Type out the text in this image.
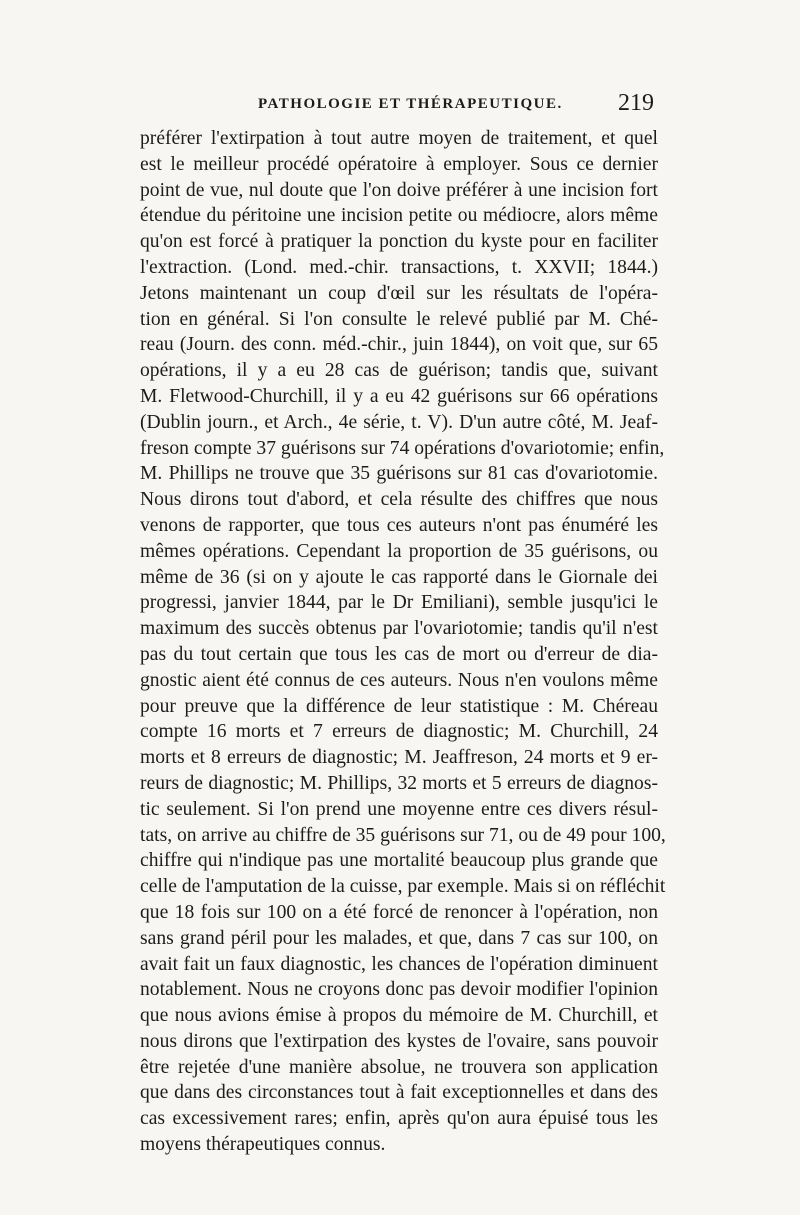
PATHOLOGIE ET THÉRAPEUTIQUE. 219
préférer l'extirpation à tout autre moyen de traitement, et quel
est le meilleur procédé opératoire à employer. Sous ce dernier
point de vue, nul doute que l'on doive préférer à une incision fort
étendue du péritoine une incision petite ou médiocre, alors même
qu'on est forcé à pratiquer la ponction du kyste pour en faciliter
l'extraction. (Lond. med.-chir. transactions, t. XXVII; 1844.)
Jetons maintenant un coup d'œil sur les résultats de l'opéra-
tion en général. Si l'on consulte le relevé publié par M. Ché-
reau (Journ. des conn. méd.-chir., juin 1844), on voit que, sur 65
opérations, il y a eu 28 cas de guérison; tandis que, suivant
M. Fletwood-Churchill, il y a eu 42 guérisons sur 66 opérations
(Dublin journ., et Arch., 4e série, t. V). D'un autre côté, M. Jeaf-
freson compte 37 guérisons sur 74 opérations d'ovariotomie; enfin,
M. Phillips ne trouve que 35 guérisons sur 81 cas d'ovariotomie.
Nous dirons tout d'abord, et cela résulte des chiffres que nous
venons de rapporter, que tous ces auteurs n'ont pas énuméré les
mêmes opérations. Cependant la proportion de 35 guérisons, ou
même de 36 (si on y ajoute le cas rapporté dans le Giornale dei
progressi, janvier 1844, par le Dr Emiliani), semble jusqu'ici le
maximum des succès obtenus par l'ovariotomie; tandis qu'il n'est
pas du tout certain que tous les cas de mort ou d'erreur de dia-
gnostic aient été connus de ces auteurs. Nous n'en voulons même
pour preuve que la différence de leur statistique : M. Chéreau
compte 16 morts et 7 erreurs de diagnostic; M. Churchill, 24
morts et 8 erreurs de diagnostic; M. Jeaffreson, 24 morts et 9 er-
reurs de diagnostic; M. Phillips, 32 morts et 5 erreurs de diagnos-
tic seulement. Si l'on prend une moyenne entre ces divers résul-
tats, on arrive au chiffre de 35 guérisons sur 71, ou de 49 pour 100,
chiffre qui n'indique pas une mortalité beaucoup plus grande que
celle de l'amputation de la cuisse, par exemple. Mais si on réfléchit
que 18 fois sur 100 on a été forcé de renoncer à l'opération, non
sans grand péril pour les malades, et que, dans 7 cas sur 100, on
avait fait un faux diagnostic, les chances de l'opération diminuent
notablement. Nous ne croyons donc pas devoir modifier l'opinion
que nous avions émise à propos du mémoire de M. Churchill, et
nous dirons que l'extirpation des kystes de l'ovaire, sans pouvoir
être rejetée d'une manière absolue, ne trouvera son application
que dans des circonstances tout à fait exceptionnelles et dans des
cas excessivement rares; enfin, après qu'on aura épuisé tous les
moyens thérapeutiques connus.
